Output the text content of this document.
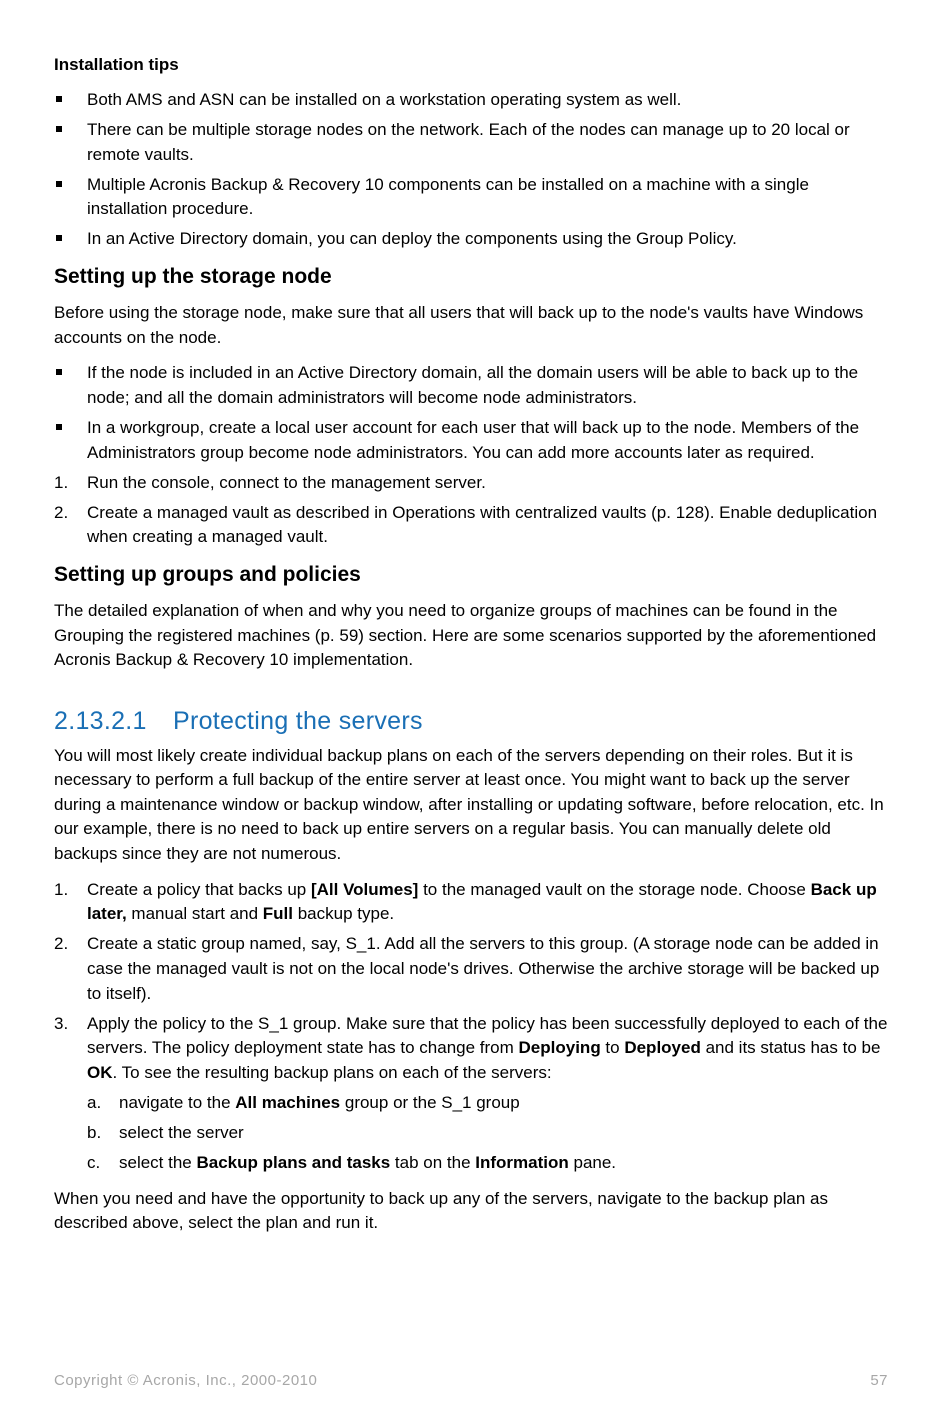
Installation tips
Both AMS and ASN can be installed on a workstation operating system as well.
There can be multiple storage nodes on the network. Each of the nodes can manage up to 20 local or remote vaults.
Multiple Acronis Backup & Recovery 10 components can be installed on a machine with a single installation procedure.
In an Active Directory domain, you can deploy the components using the Group Policy.
Setting up the storage node

Before using the storage node, make sure that all users that will back up to the node's vaults have Windows accounts on the node.

If the node is included in an Active Directory domain, all the domain users will be able to back up to the node; and all the domain administrators will become node administrators.
In a workgroup, create a local user account for each user that will back up to the node. Members of the Administrators group become node administrators. You can add more accounts later as required.
1.	Run the console, connect to the management server.
2.	Create a managed vault as described in Operations with centralized vaults (p. 128). Enable deduplication when creating a managed vault.
Setting up groups and policies

The detailed explanation of when and why you need to organize groups of machines can be found in the Grouping the registered machines (p. 59) section. Here are some scenarios supported by the aforementioned Acronis Backup & Recovery 10 implementation.

2.13.2.1 Protecting the servers

You will most likely create individual backup plans on each of the servers depending on their roles. But it is necessary to perform a full backup of the entire server at least once. You might want to back up the server during a maintenance window or backup window, after installing or updating software, before relocation, etc. In our example, there is no need to back up entire servers on a regular basis. You can manually delete old backups since they are not numerous.

1.	Create a policy that backs up [All Volumes] to the managed vault on the storage node. Choose Back up later, manual start and Full backup type.
2.	Create a static group named, say, S_1. Add all the servers to this group. (A storage node can be added in case the managed vault is not on the local node's drives. Otherwise the archive storage will be backed up to itself).
3.	Apply the policy to the S_1 group. Make sure that the policy has been successfully deployed to each of the servers. The policy deployment state has to change from Deploying to Deployed and its status has to be OK. To see the resulting backup plans on each of the servers:
a. navigate to the All machines group or the S_1 group
b. select the server
c. select the Backup plans and tasks tab on the Information pane.

When you need and have the opportunity to back up any of the servers, navigate to the backup plan as described above, select the plan and run it.

Copyright © Acronis, Inc., 2000-2010	57
